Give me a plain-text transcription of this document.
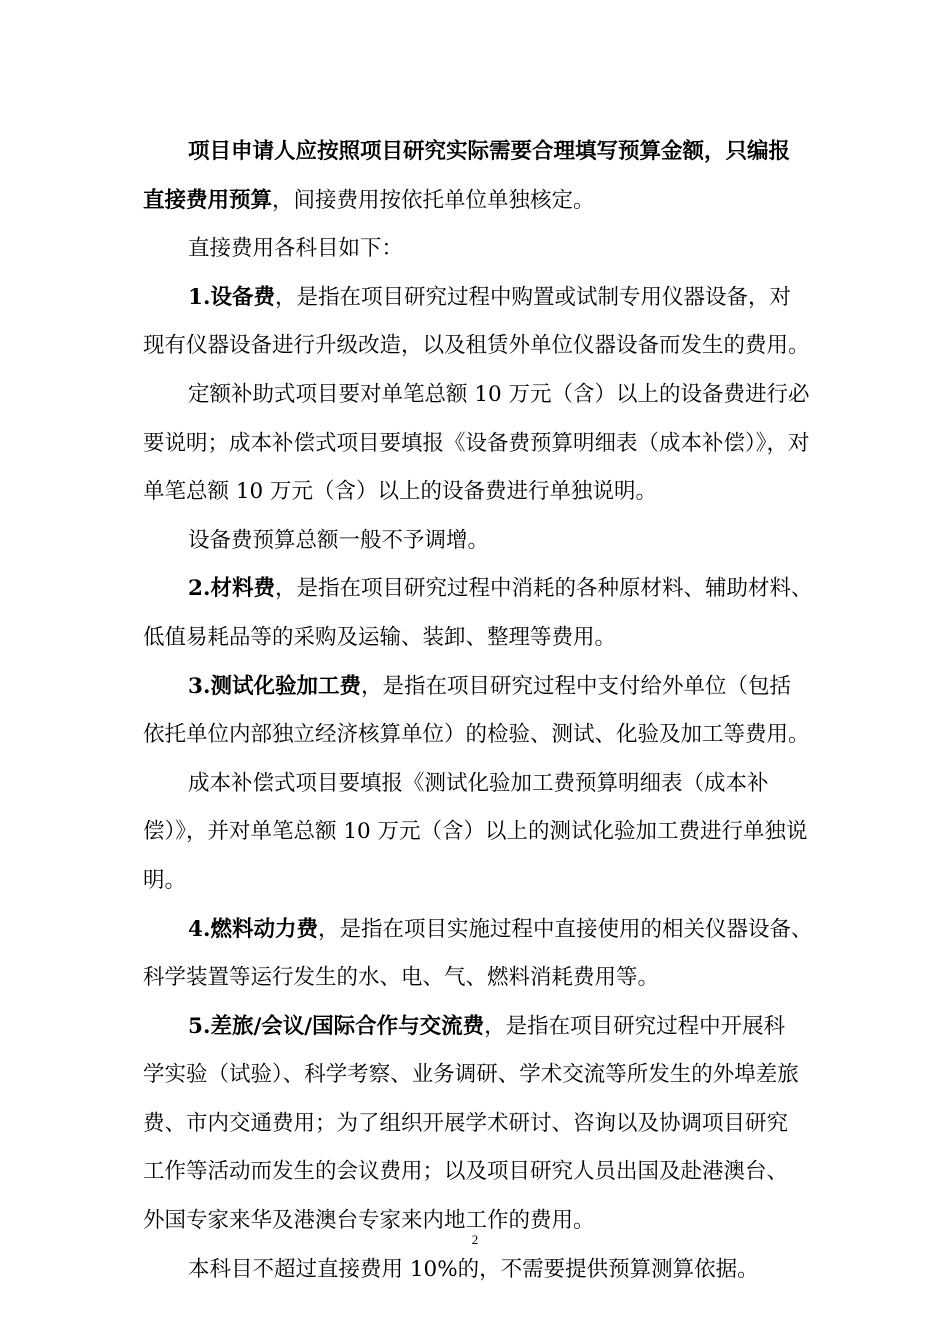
项目申请人应按照项目研究实际需要合理填写预算金额，只编报
直接费用预算，间接费用按依托单位单独核定。
直接费用各科目如下：
1.设备费，是指在项目研究过程中购置或试制专用仪器设备，对
现有仪器设备进行升级改造，以及租赁外单位仪器设备而发生的费用。
定额补助式项目要对单笔总额 10 万元（含）以上的设备费进行必
要说明；成本补偿式项目要填报《设备费预算明细表（成本补偿）》，对
单笔总额 10 万元（含）以上的设备费进行单独说明。
设备费预算总额一般不予调增。
2.材料费，是指在项目研究过程中消耗的各种原材料、辅助材料、
低值易耗品等的采购及运输、装卸、整理等费用。
3.测试化验加工费，是指在项目研究过程中支付给外单位（包括
依托单位内部独立经济核算单位）的检验、测试、化验及加工等费用。
成本补偿式项目要填报《测试化验加工费预算明细表（成本补
偿）》，并对单笔总额 10 万元（含）以上的测试化验加工费进行单独说
明。
4.燃料动力费，是指在项目实施过程中直接使用的相关仪器设备、
科学装置等运行发生的水、电、气、燃料消耗费用等。
5.差旅/会议/国际合作与交流费，是指在项目研究过程中开展科
学实验（试验）、科学考察、业务调研、学术交流等所发生的外埠差旅
费、市内交通费用；为了组织开展学术研讨、咨询以及协调项目研究
工作等活动而发生的会议费用；以及项目研究人员出国及赴港澳台、
外国专家来华及港澳台专家来内地工作的费用。
本科目不超过直接费用 10%的，不需要提供预算测算依据。
2
